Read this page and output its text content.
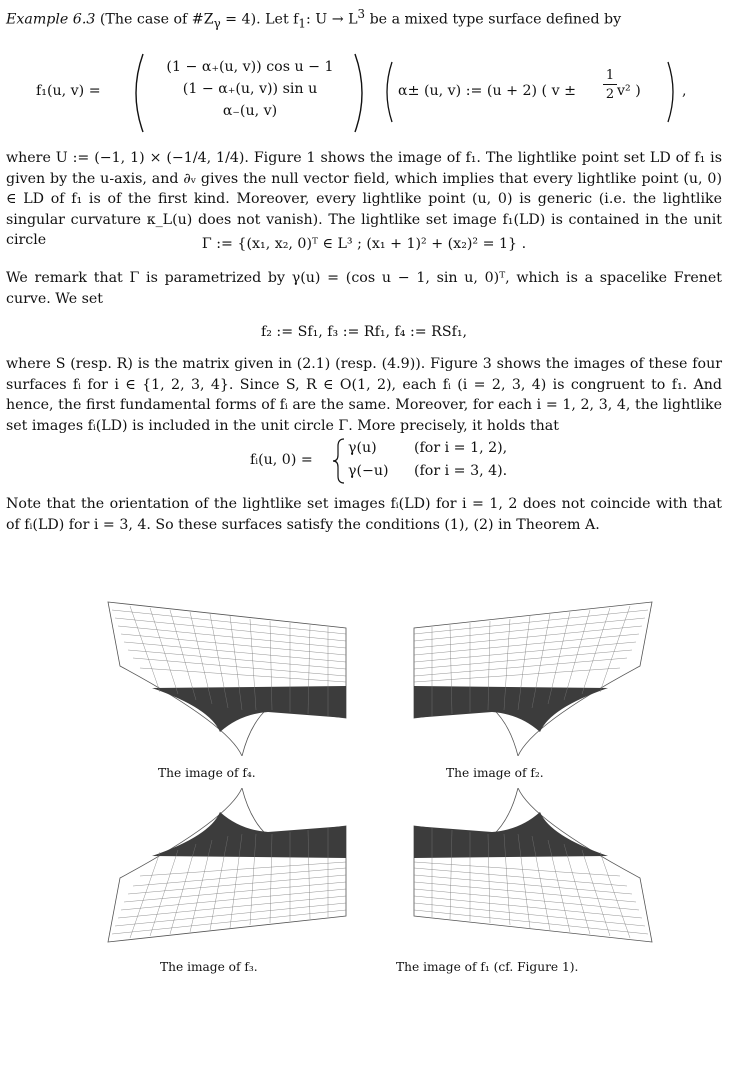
Example 6.3 (The case of $\#Z_\gamma = 4$). Let $f_1$: $U \to L^3$ be a mixed type surface defined by

f₁(u, v) =
(1 − α₊(u, v)) cos u − 1
(1 − α₊(u, v)) sin u
α₋(u, v)
α± (u, v) := (u + 2) ( v ±
1
2 v² )	,

where U := (−1, 1) × (−1/4, 1/4). Figure 1 shows the image of f₁. The lightlike point set LD of f₁ is given by the u-axis, and ∂ᵥ gives the null vector field, which implies that every lightlike point (u, 0) ∈ LD of f₁ is of the first kind. Moreover, every lightlike point (u, 0) is generic (i.e. the lightlike singular curvature κ_L(u) does not vanish). The lightlike set image f₁(LD) is contained in the unit circle	Γ := {(x₁, x₂, 0)ᵀ ∈ L³ ; (x₁ + 1)² + (x₂)² = 1} .

We remark that Γ is parametrized by γ(u) = (cos u − 1, sin u, 0)ᵀ, which is a spacelike Frenet curve. We set

f₂ := Sf₁, f₃ := Rf₁, f₄ := RSf₁,

where S (resp. R) is the matrix given in (2.1) (resp. (4.9)). Figure 3 shows the images of these four surfaces fᵢ for i ∈ {1, 2, 3, 4}. Since S, R ∈ O(1, 2), each fᵢ (i = 2, 3, 4) is congruent to f₁. And hence, the first fundamental forms of fᵢ are the same. Moreover, for each i = 1, 2, 3, 4, the lightlike set images fᵢ(LD) is included in the unit circle Γ. More precisely, it holds that

fᵢ(u, 0) =
γ(u)	(for i = 1, 2),
γ(−u) (for i = 3, 4).

Note that the orientation of the lightlike set images fᵢ(LD) for i = 1, 2 does not coincide with that of fᵢ(LD) for i = 3, 4. So these surfaces satisfy the conditions (1), (2) in Theorem A.

The image of f₄.	The image of f₂.
The image of f₃.	The image of f₁ (cf. Figure 1).
